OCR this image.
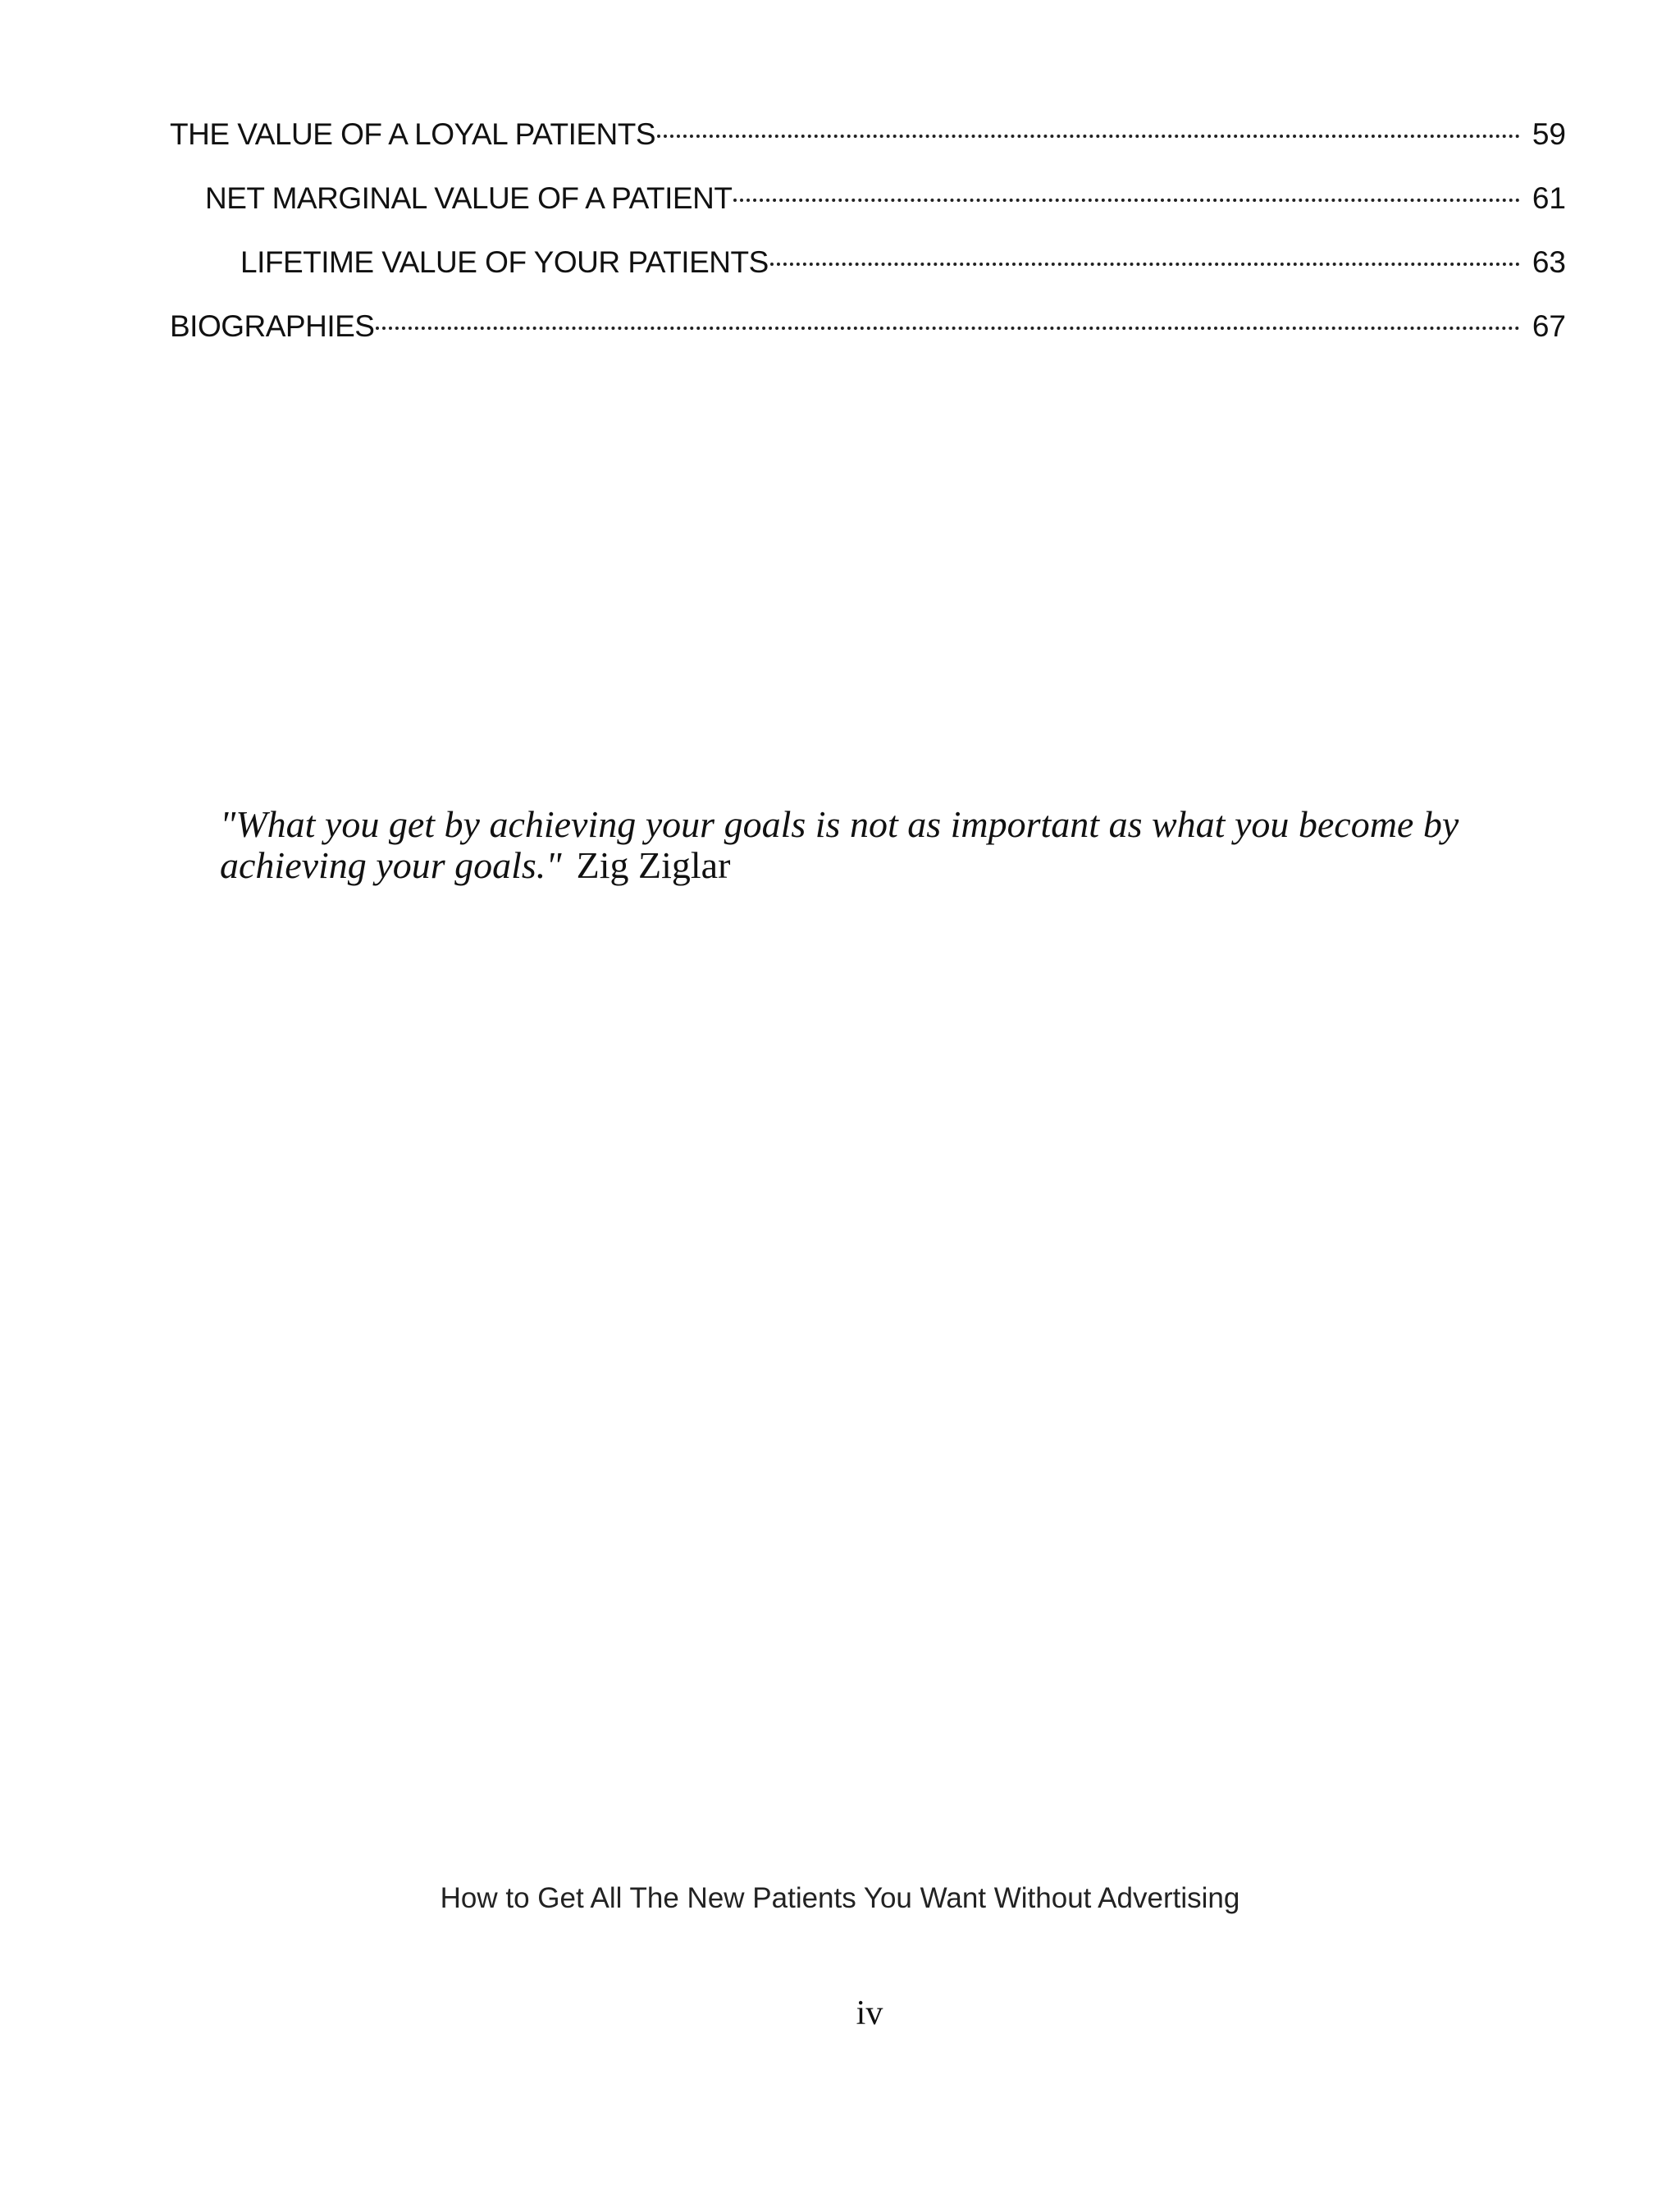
THE VALUE OF A LOYAL PATIENTS	59
NET MARGINAL VALUE OF A PATIENT	61
LIFETIME VALUE OF YOUR PATIENTS	63
BIOGRAPHIES	67
"What you get by achieving your goals is not as important as what you become by achieving your goals." Zig Ziglar
How to Get All The New Patients You Want Without Advertising
iv
